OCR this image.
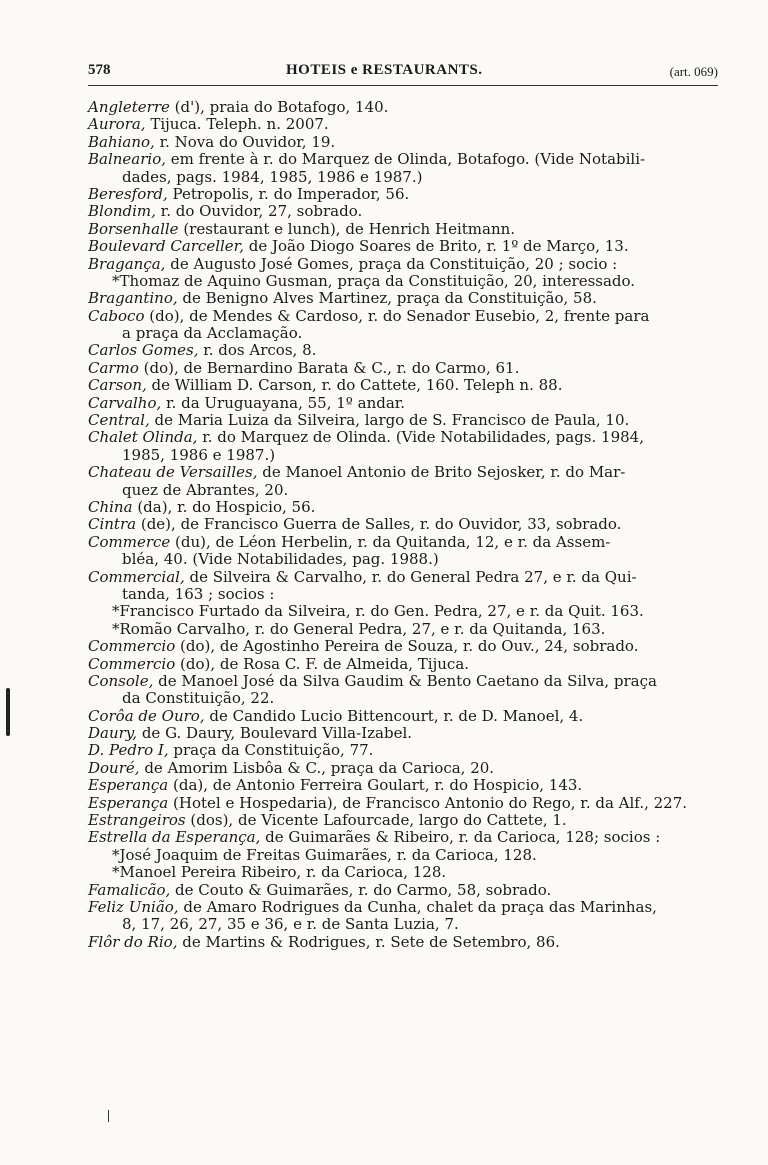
578	HOTEIS e RESTAURANTS.	(art. 069)
Angleterre (d'), praia do Botafogo, 140.
Aurora, Tijuca. Teleph. n. 2007.
Bahiano, r. Nova do Ouvidor, 19.
Balneario, em frente à r. do Marquez de Olinda, Botafogo. (Vide Notabili-
dades, pags. 1984, 1985, 1986 e 1987.)
Beresford, Petropolis, r. do Imperador, 56.
Blondim, r. do Ouvidor, 27, sobrado.
Borsenhalle (restaurant e lunch), de Henrich Heitmann.
Boulevard Carceller, de João Diogo Soares de Brito, r. 1º de Março, 13.
Bragança, de Augusto José Gomes, praça da Constituição, 20 ; socio :
*Thomaz de Aquino Gusman, praça da Constituição, 20, interessado.
Bragantino, de Benigno Alves Martinez, praça da Constituição, 58.
Caboco (do), de Mendes & Cardoso, r. do Senador Eusebio, 2, frente para
a praça da Acclamação.
Carlos Gomes, r. dos Arcos, 8.
Carmo (do), de Bernardino Barata & C., r. do Carmo, 61.
Carson, de William D. Carson, r. do Cattete, 160. Teleph n. 88.
Carvalho, r. da Uruguayana, 55, 1º andar.
Central, de Maria Luiza da Silveira, largo de S. Francisco de Paula, 10.
Chalet Olinda, r. do Marquez de Olinda. (Vide Notabilidades, pags. 1984,
1985, 1986 e 1987.)
Chateau de Versailles, de Manoel Antonio de Brito Sejosker, r. do Mar-
quez de Abrantes, 20.
China (da), r. do Hospicio, 56.
Cintra (de), de Francisco Guerra de Salles, r. do Ouvidor, 33, sobrado.
Commerce (du), de Léon Herbelin, r. da Quitanda, 12, e r. da Assem-
bléa, 40. (Vide Notabilidades, pag. 1988.)
Commercial, de Silveira & Carvalho, r. do General Pedra 27, e r. da Qui-
tanda, 163 ; socios :
*Francisco Furtado da Silveira, r. do Gen. Pedra, 27, e r. da Quit. 163.
*Romão Carvalho, r. do General Pedra, 27, e r. da Quitanda, 163.
Commercio (do), de Agostinho Pereira de Souza, r. do Ouv., 24, sobrado.
Commercio (do), de Rosa C. F. de Almeida, Tijuca.
Console, de Manoel José da Silva Gaudim & Bento Caetano da Silva, praça
da Constituição, 22.
Corôa de Ouro, de Candido Lucio Bittencourt, r. de D. Manoel, 4.
Daury, de G. Daury, Boulevard Villa-Izabel.
D. Pedro I, praça da Constituição, 77.
Douré, de Amorim Lisbôa & C., praça da Carioca, 20.
Esperança (da), de Antonio Ferreira Goulart, r. do Hospicio, 143.
Esperança (Hotel e Hospedaria), de Francisco Antonio do Rego, r. da Alf., 227.
Estrangeiros (dos), de Vicente Lafourcade, largo do Cattete, 1.
Estrella da Esperança, de Guimarães & Ribeiro, r. da Carioca, 128; socios :
*José Joaquim de Freitas Guimarães, r. da Carioca, 128.
*Manoel Pereira Ribeiro, r. da Carioca, 128.
Famalicão, de Couto & Guimarães, r. do Carmo, 58, sobrado.
Feliz União, de Amaro Rodrigues da Cunha, chalet da praça das Marinhas,
8, 17, 26, 27, 35 e 36, e r. de Santa Luzia, 7.
Flôr do Rio, de Martins & Rodrigues, r. Sete de Setembro, 86.
